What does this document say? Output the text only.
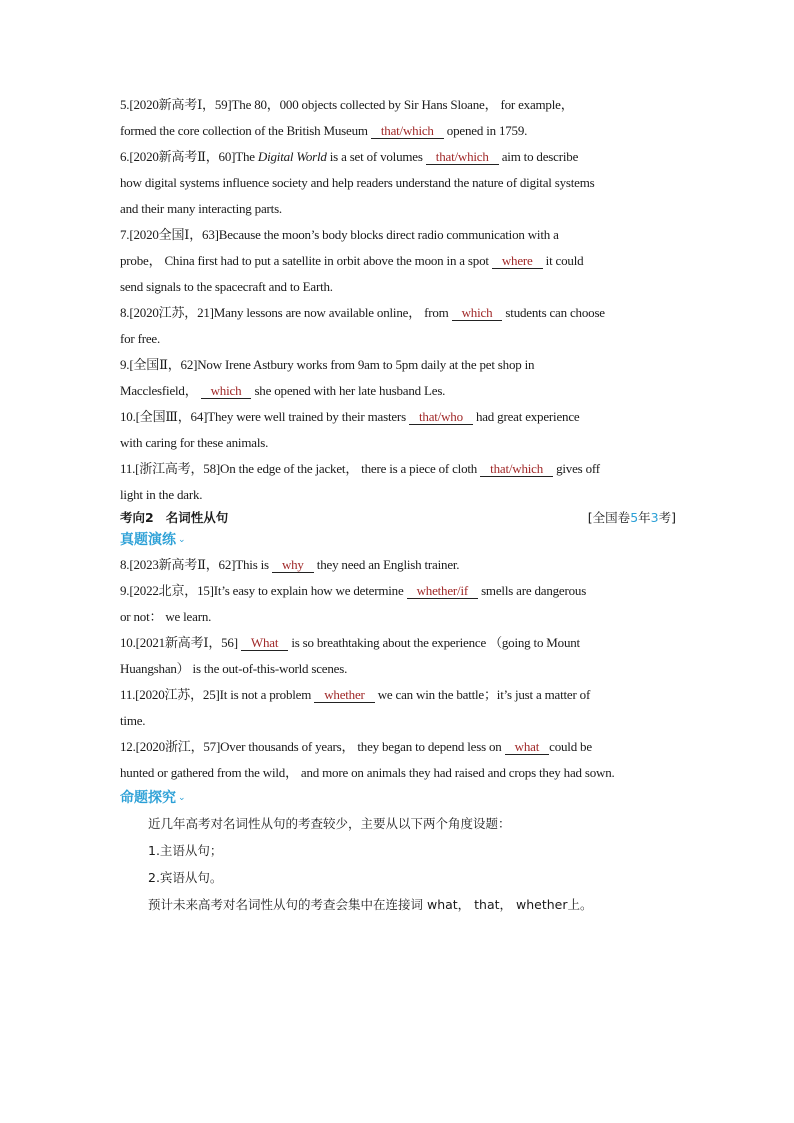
5.[2020新高考Ⅰ，59]The 80，000 objects collected by Sir Hans Sloane， for example，
formed the core collection of the British Museum that/which opened in 1759.

6.[2020新高考Ⅱ，60]The Digital World is a set of volumes that/which aim to describe
how digital systems influence society and help readers understand the nature of digital systems
and their many interacting parts.

7.[2020全国Ⅰ，63]Because the moon’s body blocks direct radio communication with a
probe， China first had to put a satellite in orbit above the moon in a spot where it could
send signals to the spacecraft and to Earth.

8.[2020江苏，21]Many lessons are now available online， from which students can choose
for free.

9.[全国Ⅱ，62]Now Irene Astbury works from 9am to 5pm daily at the pet shop in
Macclesfield， which she opened with her late husband Les.

10.[全国Ⅲ，64]They were well trained by their masters that/who had great experience
with caring for these animals.

11.[浙江高考，58]On the edge of the jacket， there is a piece of cloth that/which gives off
light in the dark.

考向2 名词性从句	[全国卷5年3考]
真题演练 ⌄

8.[2023新高考Ⅱ，62]This is why they need an English trainer.

9.[2022北京，15]It’s easy to explain how we determine whether/if smells are dangerous
or not： we learn.

10.[2021新高考Ⅰ，56] What is so breathtaking about the experience （going to Mount
Huangshan） is the out-of-this-world scenes.

11.[2020江苏，25]It is not a problem whether we can win the battle；it’s just a matter of
time.

12.[2020浙江，57]Over thousands of years， they began to depend less on what could be
hunted or gathered from the wild， and more on animals they had raised and crops they had sown.

命题探究 ⌄
近几年高考对名词性从句的考查较少，主要从以下两个角度设题：
1.主语从句；
2.宾语从句。
预计未来高考对名词性从句的考查会集中在连接词 what， that， whether上。
